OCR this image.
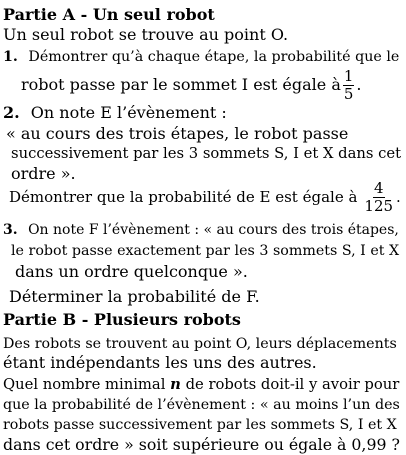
Partie A - Un seul robot
Un seul robot se trouve au point O.
1. Démontrer qu’à chaque étape, la probabilité que le
robot passe par le sommet I est égale à $\frac{1}{5}$ .
2. On note E l’évènement :
« au cours des trois étapes, le robot passe
successivement par les 3 sommets S, I et X dans cet
ordre ».
Démontrer que la probabilité de E est égale à $\frac{4}{125}$ .
3. On note F l’évènement : « au cours des trois étapes,
le robot passe exactement par les 3 sommets S, I et X
dans un ordre quelconque ».
Déterminer la probabilité de F.
Partie B - Plusieurs robots
Des robots se trouvent au point O, leurs déplacements
étant indépendants les uns des autres.
Quel nombre minimal n de robots doit-il y avoir pour
que la probabilité de l’évènement : « au moins l’un des
robots passe successivement par les sommets S, I et X
dans cet ordre » soit supérieure ou égale à 0,99 ?
